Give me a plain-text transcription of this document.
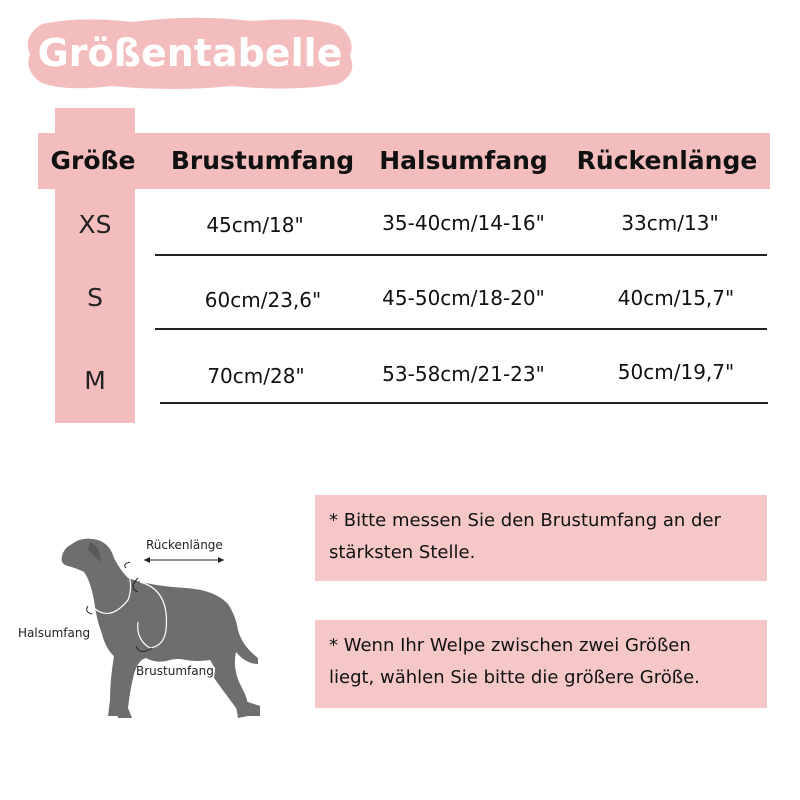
Größentabelle
Größe	Brustumfang Halsumfang Rückenlänge
XS	45cm/18"	35-40cm/14-16"	33cm/13"
S	60cm/23,6"	45-50cm/18-20"	40cm/15,7"
M	70cm/28"	53-58cm/21-23"	50cm/19,7"
Rückenlänge
Halsumfang
Brustumfang
* Bitte messen Sie den Brustumfang an der
stärksten Stelle.
* Wenn Ihr Welpe zwischen zwei Größen
liegt, wählen Sie bitte die größere Größe.
